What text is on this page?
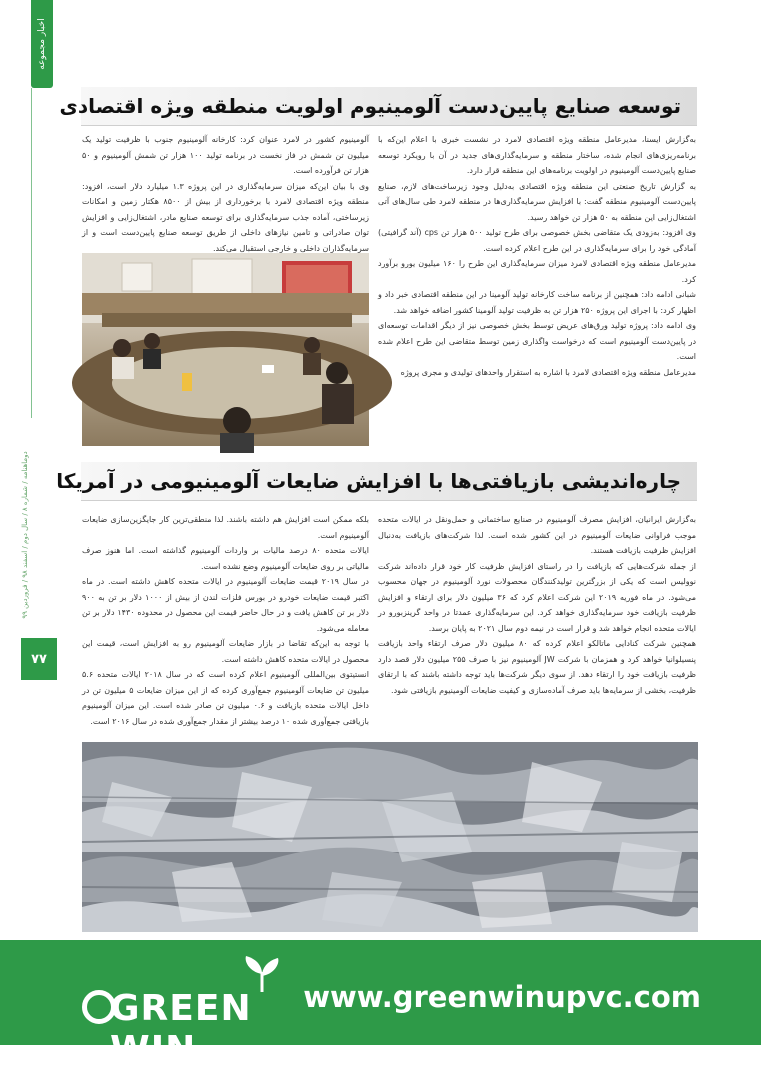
اخبار مجموعه
دوماهنامه / شماره ۸ / سال دوم / اسفند ۹۸ / فروردین ۹۹
۷۷
توسعه صنایع پایین‌دست آلومینیوم اولویت منطقه ویژه اقتصادی

به‌گزارش ایسنا، مدیرعامل منطقه ویژه اقتصادی لامرد در نشست خبری با اعلام این‌که با برنامه‌ریزی‌های انجام شده، ساختار منطقه و سرمایه‌گذاری‌های جدید در آن با رویکرد توسعه صنایع پایین‌دست آلومینیوم در اولویت برنامه‌های این منطقه قرار دارد.

به گزارش تاریخ صنعتی این منطقه ویژه اقتصادی به‌دلیل وجود زیرساخت‌های لازم، صنایع پایین‌دست آلومینیوم منطقه گفت: با افزایش سرمایه‌گذاری‌ها در منطقه لامرد طی سال‌های آتی اشتغال‌زایی این منطقه به ۵۰ هزار تن خواهد رسید.

وی افزود: به‌زودی یک متقاضی بخش خصوصی برای طرح تولید ۵۰۰ هزار تن cps (آند گرافیتی) آمادگی خود را برای سرمایه‌گذاری در این طرح اعلام کرده است.

مدیرعامل منطقه ویژه اقتصادی لامرد میزان سرمایه‌گذاری این طرح را ۱۶۰ میلیون یورو برآورد کرد.

شبانی ادامه داد: همچنین از برنامه ساخت کارخانه تولید آلومینا در این منطقه اقتصادی خبر داد و اظهار کرد: با اجرای این پروژه ۲۵۰ هزار تن به ظرفیت تولید آلومینا کشور اضافه خواهد شد.

وی ادامه داد: پروژه تولید ورق‌های عریض توسط بخش خصوصی نیز از دیگر اقدامات توسعه‌ای در پایین‌دست آلومینیوم است که درخواست واگذاری زمین توسط متقاضی این طرح اعلام شده است.

مدیرعامل منطقه ویژه اقتصادی لامرد با اشاره به استقرار واحدهای تولیدی و مجری پروژه

آلومینیوم کشور در لامرد عنوان کرد: کارخانه آلومینیوم جنوب با ظرفیت تولید یک میلیون تن شمش در فاز نخست در برنامه تولید ۱۰۰ هزار تن شمش آلومینیوم و ۵۰ هزار تن فرآورده است.

وی با بیان این‌که میزان سرمایه‌گذاری در این پروژه ۱.۳ میلیارد دلار است، افزود: منطقه ویژه اقتصادی لامرد با برخورداری از بیش از ۸۵۰۰ هکتار زمین و امکانات زیرساختی، آماده جذب سرمایه‌گذاری برای توسعه صنایع مادر، اشتغال‌زایی و افزایش توان صادراتی و تامین نیازهای داخلی از طریق توسعه صنایع پایین‌دست است و از سرمایه‌گذاران داخلی و خارجی استقبال می‌کند.

چاره‌اندیشی بازیافتی‌ها با افزایش ضایعات آلومینیومی در آمریکا

به‌گزارش ایرانیان، افزایش مصرف آلومینیوم در صنایع ساختمانی و حمل‌ونقل در ایالات متحده موجب فراوانی ضایعات آلومینیوم در این کشور شده است. لذا شرکت‌های بازیافت به‌دنبال افزایش ظرفیت بازیافت هستند.

از جمله شرکت‌هایی که بازیافت را در راستای افزایش ظرفیت کار خود قرار داده‌اند شرکت نوولیس است که یکی از بزرگترین تولیدکنندگان محصولات نورد آلومینیوم در جهان محسوب می‌شود. در ماه فوریه ۲۰۱۹ این شرکت اعلام کرد که ۳۶ میلیون دلار برای ارتقاء و افزایش ظرفیت بازیافت خود سرمایه‌گذاری خواهد کرد. این سرمایه‌گذاری عمدتا در واحد گرینزبورو در ایالات متحده انجام خواهد شد و قرار است در نیمه دوم سال ۲۰۲۱ به پایان برسد.

همچنین شرکت کنادایی ماتالکو اعلام کرده که ۸۰ میلیون دلار صرف ارتقاء واحد بازیافت پنسیلوانیا خواهد کرد و همزمان با شرکت JW آلومینیوم نیز با صرف ۲۵۵ میلیون دلار قصد دارد ظرفیت بازیافت خود را ارتقاء دهد. از سوی دیگر شرکت‌ها باید توجه داشته باشند که با ارتقای ظرفیت، بخشی از سرمایه‌ها باید صرف آماده‌سازی و کیفیت ضایعات آلومینیوم بازیافتی شود.

بلکه ممکن است افزایش هم داشته باشند. لذا منطقی‌ترین کار جایگزین‌سازی ضایعات آلومینیوم است.

ایالات متحده ۸۰ درصد مالیات بر واردات آلومینیوم گذاشته است. اما هنوز صرف مالیاتی بر روی ضایعات آلومینیوم وضع نشده است.

در سال ۲۰۱۹ قیمت ضایعات آلومینیوم در ایالات متحده کاهش داشته است. در ماه اکتبر قیمت ضایعات خودرو در بورس فلزات لندن از بیش از ۱۰۰۰ دلار بر تن به ۹۰۰ دلار بر تن کاهش یافت و در حال حاضر قیمت این محصول در محدوده ۱۴۳۰ دلار بر تن معامله می‌شود.

با توجه به این‌که تقاضا در بازار ضایعات آلومینیوم رو به افزایش است، قیمت این محصول در ایالات متحده کاهش داشته است.

انستیتوی بین‌المللی آلومینیوم اعلام کرده است که در سال ۲۰۱۸ ایالات متحده ۵.۶ میلیون تن ضایعات آلومینیوم جمع‌آوری کرده که از این میزان ضایعات ۵ میلیون تن در داخل ایالات متحده بازیافت و ۰.۶ میلیون تن صادر شده است. این میزان آلومینیوم بازیافتی جمع‌آوری شده ۱۰ درصد بیشتر از مقدار جمع‌آوری شده در سال ۲۰۱۶ است.

GREEN WIN
www.greenwinupvc.com
